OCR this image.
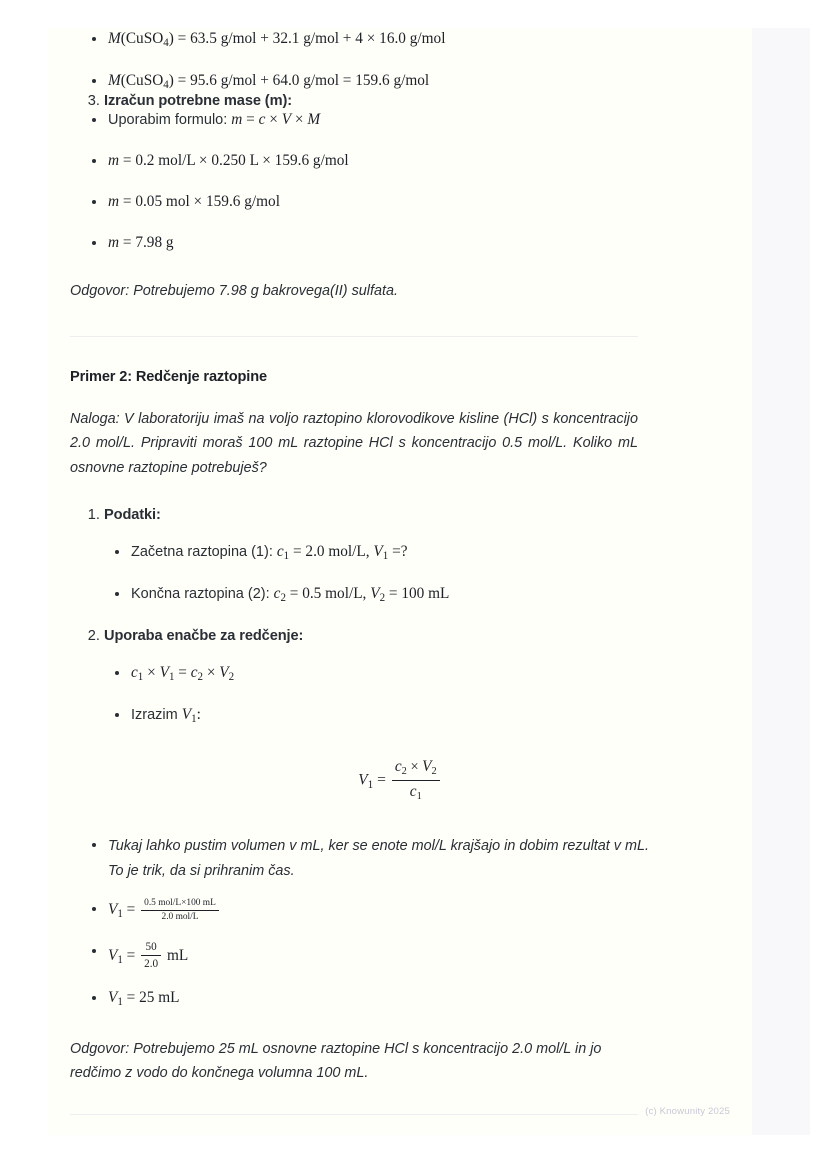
M(CuSO$_4$) = 63.5 g/mol + 32.1 g/mol + 4 × 16.0 g/mol
M(CuSO$_4$) = 95.6 g/mol + 64.0 g/mol = 159.6 g/mol
3. Izračun potrebne mase (m):
Uporabim formulo: m = c × V × M
m = 0.2 mol/L × 0.250 L × 159.6 g/mol
m = 0.05 mol × 159.6 g/mol
m = 7.98 g

Odgovor: Potrebujemo 7.98 g bakrovega(II) sulfata.

Primer 2: Redčenje raztopine

Naloga: V laboratoriju imaš na voljo raztopino klorovodikove kisline (HCl) s koncentracijo 2.0 mol/L. Pripraviti moraš 100 mL raztopine HCl s koncentracijo 0.5 mol/L. Koliko mL osnovne raztopine potrebuješ?

1. Podatki:
Začetna raztopina (1): $c_1 = 2.0$ mol/L, $V_1$ =?
Končna raztopina (2): $c_2 = 0.5$ mol/L, $V_2 = 100$ mL
2. Uporaba enačbe za redčenje:
$c_1 \times V_1 = c_2 \times V_2$
Izrazim $V_1$:
$V_1 = \frac{c_2 \times V_2}{c_1}$
Tukaj lahko pustim volumen v mL, ker se enote mol/L krajšajo in dobim rezultat v mL. To je trik, da si prihranim čas.
$V_1 = \frac{\text{0.5 mol/L×100 mL}}{\text{2.0 mol/L}}$
$V_1 = \frac{50}{2.0}$ mL
$V_1 = 25$ mL

Odgovor: Potrebujemo 25 mL osnovne raztopine HCl s koncentracijo 2.0 mol/L in jo redčimo z vodo do končnega volumna 100 mL.

(c) Knowunity 2025
